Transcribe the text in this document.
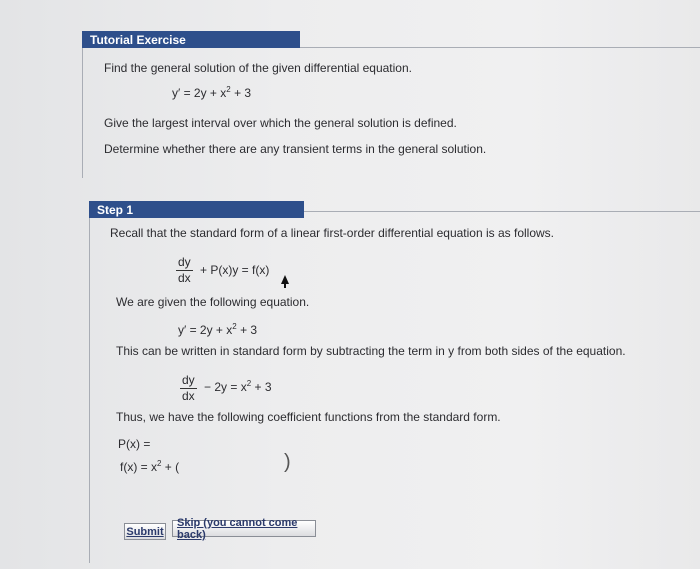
Tutorial Exercise
Find the general solution of the given differential equation.
$y' = 2y + x^2 + 3$
Give the largest interval over which the general solution is defined.
Determine whether there are any transient terms in the general solution.
Step 1
Recall that the standard form of a linear first-order differential equation is as follows.
$\frac{dy}{dx} + P(x)y = f(x)$
We are given the following equation.
$y' = 2y + x^2 + 3$
This can be written in standard form by subtracting the term in y from both sides of the equation.
$\frac{dy}{dx} - 2y = x^2 + 3$
Thus, we have the following coefficient functions from the standard form.
P(x) =
$f(x) = x^2$ + (	)
Submit
Skip (you cannot come back)
